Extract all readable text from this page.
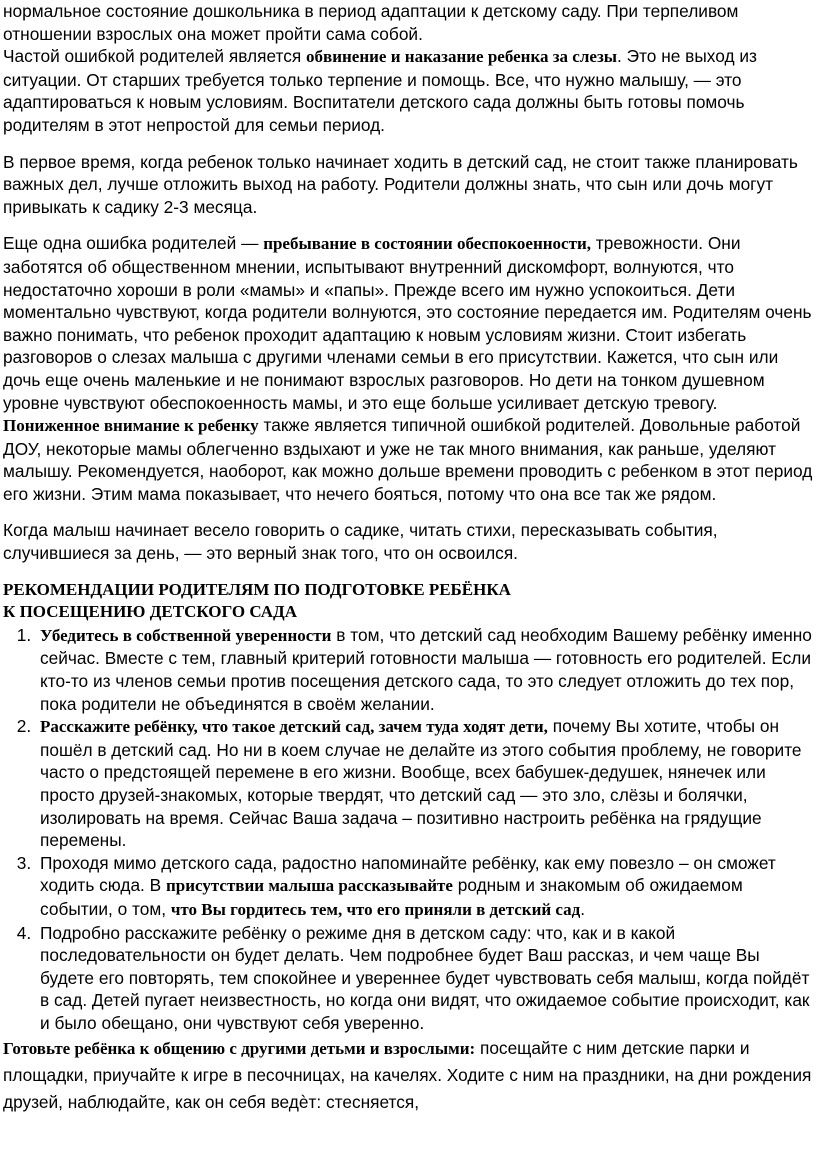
нормальное состояние дошкольника в период адаптации к детскому саду. При терпеливом отношении взрослых она может пройти сама собой.

Частой ошибкой родителей является обвинение и наказание ребенка за слезы. Это не выход из ситуации. От старших требуется только терпение и помощь. Все, что нужно малышу, — это адаптироваться к новым условиям. Воспитатели детского сада должны быть готовы помочь родителям в этот непростой для семьи период.

В первое время, когда ребенок только начинает ходить в детский сад, не стоит также планировать важных дел, лучше отложить выход на работу. Родители должны знать, что сын или дочь могут привыкать к садику 2-3 месяца.

Еще одна ошибка родителей — пребывание в состоянии обеспокоенности, тревожности. Они заботятся об общественном мнении, испытывают внутренний дискомфорт, волнуются, что недостаточно хороши в роли «мамы» и «папы». Прежде всего им нужно успокоиться. Дети моментально чувствуют, когда родители волнуются, это состояние передается им. Родителям очень важно понимать, что ребенок проходит адаптацию к новым условиям жизни. Стоит избегать разговоров о слезах малыша с другими членами семьи в его присутствии. Кажется, что сын или дочь еще очень маленькие и не понимают взрослых разговоров. Но дети на тонком душевном уровне чувствуют обеспокоенность мамы, и это еще больше усиливает детскую тревогу.

Пониженное внимание к ребенку также является типичной ошибкой родителей. Довольные работой ДОУ, некоторые мамы облегченно вздыхают и уже не так много внимания, как раньше, уделяют малышу. Рекомендуется, наоборот, как можно дольше времени проводить с ребенком в этот период его жизни. Этим мама показывает, что нечего бояться, потому что она все так же рядом.

Когда малыш начинает весело говорить о садике, читать стихи, пересказывать события, случившиеся за день, — это верный знак того, что он освоился.

РЕКОМЕНДАЦИИ РОДИТЕЛЯМ ПО ПОДГОТОВКЕ РЕБЁНКА
К ПОСЕЩЕНИЮ ДЕТСКОГО САДА
1. Убедитесь в собственной уверенности в том, что детский сад необходим Вашему ребёнку именно сейчас. Вместе с тем, главный критерий готовности малыша — готовность его родителей. Если кто-то из членов семьи против посещения детского сада, то это следует отложить до тех пор, пока родители не объединятся в своём желании.
2. Расскажите ребёнку, что такое детский сад, зачем туда ходят дети, почему Вы хотите, чтобы он пошёл в детский сад. Но ни в коем случае не делайте из этого события проблему, не говорите часто о предстоящей перемене в его жизни. Вообще, всех бабушек-дедушек, нянечек или просто друзей-знакомых, которые твердят, что детский сад — это зло, слёзы и болячки, изолировать на время. Сейчас Ваша задача – позитивно настроить ребёнка на грядущие перемены.
3. Проходя мимо детского сада, радостно напоминайте ребёнку, как ему повезло – он сможет ходить сюда. В присутствии малыша рассказывайте родным и знакомым об ожидаемом событии, о том, что Вы гордитесь тем, что его приняли в детский сад.
4. Подробно расскажите ребёнку о режиме дня в детском саду: что, как и в какой последовательности он будет делать. Чем подробнее будет Ваш рассказ, и чем чаще Вы будете его повторять, тем спокойнее и увереннее будет чувствовать себя малыш, когда пойдёт в сад. Детей пугает неизвестность, но когда они видят, что ожидаемое событие происходит, как и было обещано, они чувствуют себя уверенно.

Готовьте ребёнка к общению с другими детьми и взрослыми: посещайте с ним детские парки и площадки, приучайте к игре в песочницах, на качелях. Ходите с ним на праздники, на дни рождения друзей, наблюдайте, как он себя ведѐт: стесняется,
